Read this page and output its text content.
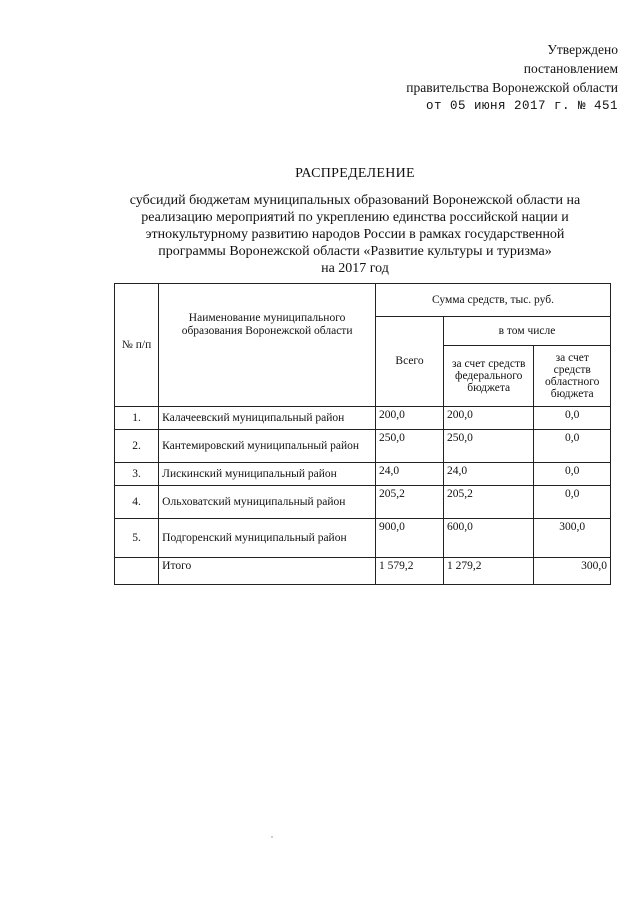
Утверждено
постановлением
правительства Воронежской области
от 05 июня 2017 г. № 451
РАСПРЕДЕЛЕНИЕ
субсидий бюджетам муниципальных образований Воронежской области на
реализацию мероприятий по укреплению единства российской нации и
этнокультурному развитию народов России в рамках государственной
программы Воронежской области «Развитие культуры и туризма»
на 2017 год
№ п/п	Наименование муниципального образования Воронежской области	Сумма средств, тыс. руб.		
		Всего	в том числе	
			за счет средств федерального бюджета	за счет средств областного бюджета
1.	Калачеевский муниципальный район	200,0	200,0	0,0
2.	Кантемировский муниципальный район	250,0	250,0	0,0
3.	Лискинский муниципальный район	24,0	24,0	0,0
4.	Ольховатский муниципальный район	205,2	205,2	0,0
5.	Подгоренский муниципальный район	900,0	600,0	300,0
	Итого	1 579,2	1 279,2	300,0
